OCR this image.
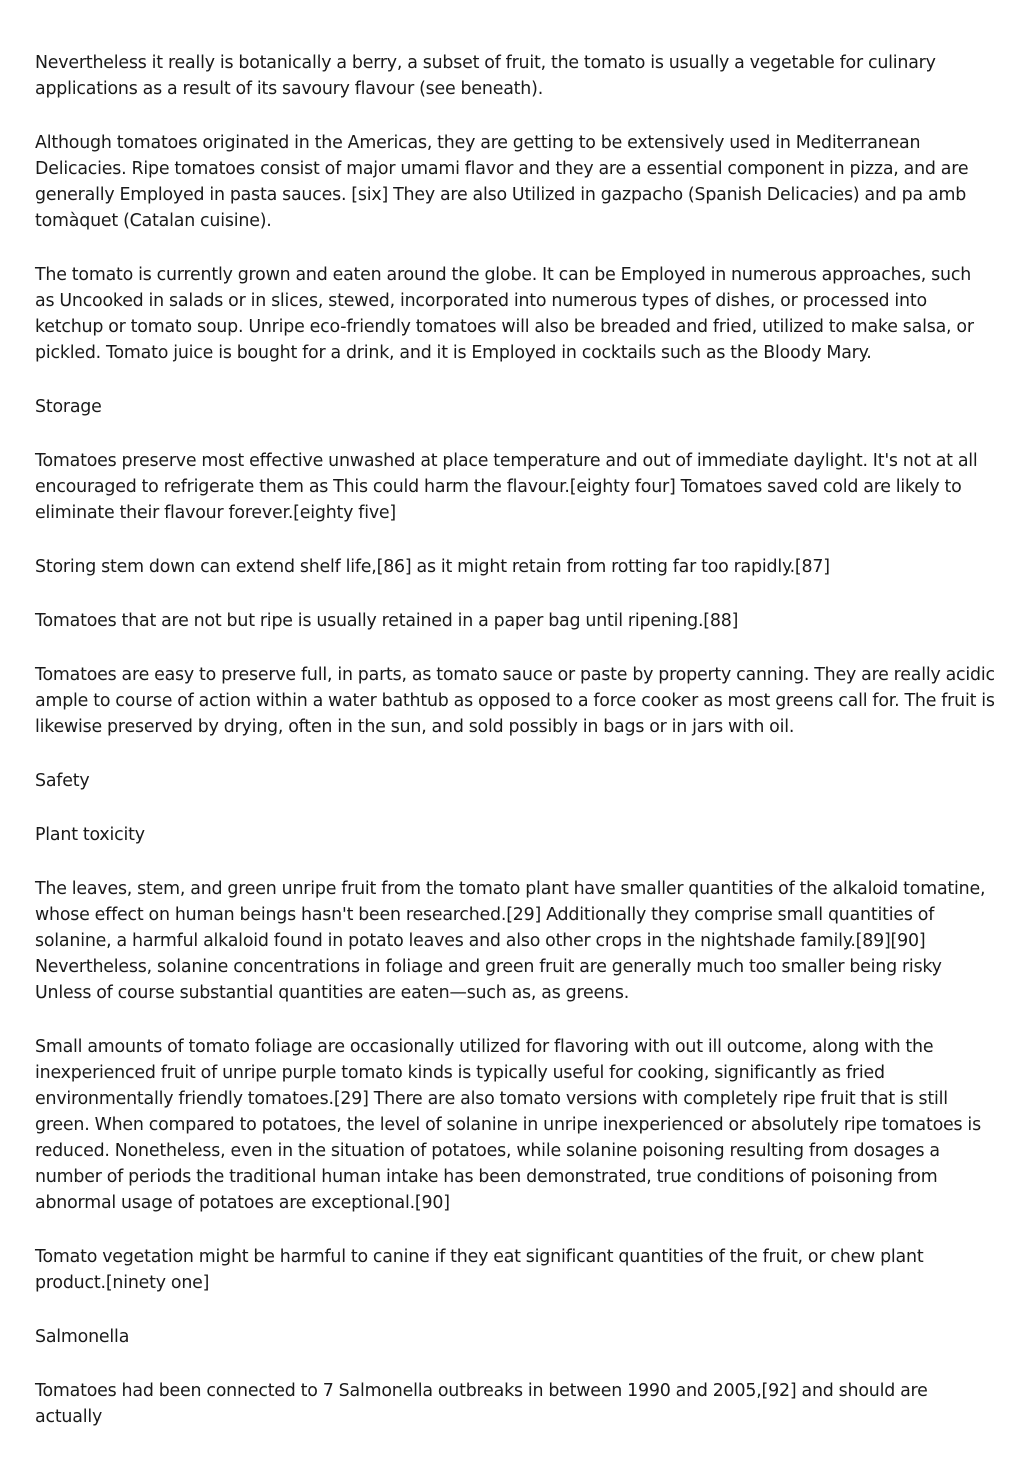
Nevertheless it really is botanically a berry, a subset of fruit, the tomato is usually a vegetable for culinary applications as a result of its savoury flavour (see beneath).

Although tomatoes originated in the Americas, they are getting to be extensively used in Mediterranean Delicacies. Ripe tomatoes consist of major umami flavor and they are a essential component in pizza, and are generally Employed in pasta sauces. [six] They are also Utilized in gazpacho (Spanish Delicacies) and pa amb tomàquet (Catalan cuisine).

The tomato is currently grown and eaten around the globe. It can be Employed in numerous approaches, such as Uncooked in salads or in slices, stewed, incorporated into numerous types of dishes, or processed into ketchup or tomato soup. Unripe eco-friendly tomatoes will also be breaded and fried, utilized to make salsa, or pickled. Tomato juice is bought for a drink, and it is Employed in cocktails such as the Bloody Mary.

Storage

Tomatoes preserve most effective unwashed at place temperature and out of immediate daylight. It's not at all encouraged to refrigerate them as This could harm the flavour.[eighty four] Tomatoes saved cold are likely to eliminate their flavour forever.[eighty five]

Storing stem down can extend shelf life,[86] as it might retain from rotting far too rapidly.[87]

Tomatoes that are not but ripe is usually retained in a paper bag until ripening.[88]

Tomatoes are easy to preserve full, in parts, as tomato sauce or paste by property canning. They are really acidic ample to course of action within a water bathtub as opposed to a force cooker as most greens call for. The fruit is likewise preserved by drying, often in the sun, and sold possibly in bags or in jars with oil.

Safety

Plant toxicity

The leaves, stem, and green unripe fruit from the tomato plant have smaller quantities of the alkaloid tomatine, whose effect on human beings hasn't been researched.[29] Additionally they comprise small quantities of solanine, a harmful alkaloid found in potato leaves and also other crops in the nightshade family.[89][90] Nevertheless, solanine concentrations in foliage and green fruit are generally much too smaller being risky Unless of course substantial quantities are eaten—such as, as greens.

Small amounts of tomato foliage are occasionally utilized for flavoring with out ill outcome, along with the inexperienced fruit of unripe purple tomato kinds is typically useful for cooking, significantly as fried environmentally friendly tomatoes.[29] There are also tomato versions with completely ripe fruit that is still green. When compared to potatoes, the level of solanine in unripe inexperienced or absolutely ripe tomatoes is reduced. Nonetheless, even in the situation of potatoes, while solanine poisoning resulting from dosages a number of periods the traditional human intake has been demonstrated, true conditions of poisoning from abnormal usage of potatoes are exceptional.[90]

Tomato vegetation might be harmful to canine if they eat significant quantities of the fruit, or chew plant product.[ninety one]

Salmonella

Tomatoes had been connected to 7 Salmonella outbreaks in between 1990 and 2005,[92] and should are actually
